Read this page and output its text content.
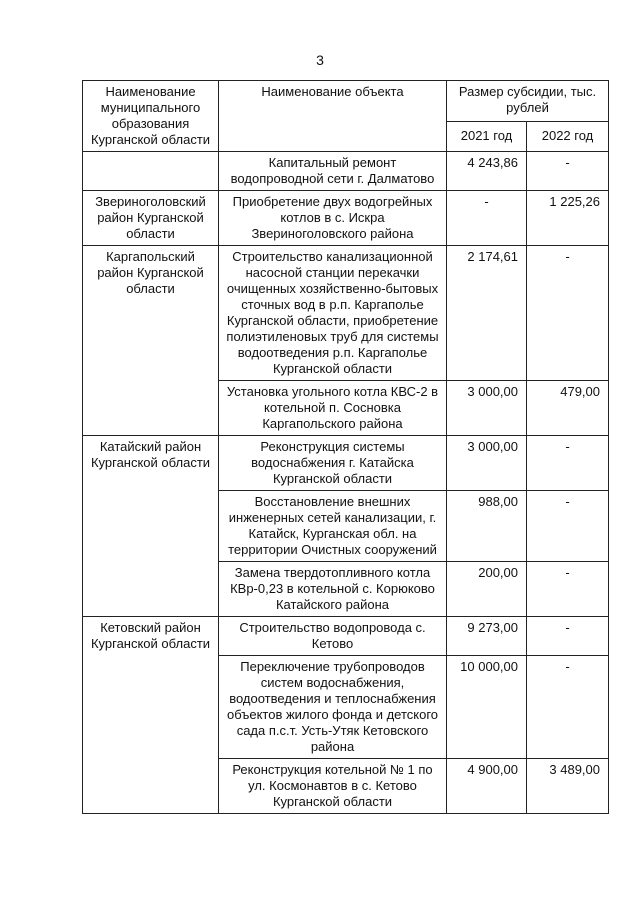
3
Наименование муниципального образования Курганской области	Наименование объекта	Размер субсидии, тыс. рублей	
		2021 год	2022 год
	Капитальный ремонт водопроводной сети г. Далматово	4 243,86	-
Звериноголовский район Курганской области	Приобретение двух водогрейных котлов в с. Искра Звериноголовского района	-	1 225,26
Каргапольский район Курганской области	Строительство канализационной насосной станции перекачки очищенных хозяйственно-бытовых сточных вод в р.п. Каргаполье Курганской области, приобретение полиэтиленовых труб для системы водоотведения р.п. Каргаполье Курганской области	2 174,61	-
	Установка угольного котла КВС-2 в котельной п. Сосновка Каргапольского района	3 000,00	479,00
Катайский район Курганской области	Реконструкция системы водоснабжения г. Катайска Курганской области	3 000,00	-
	Восстановление внешних инженерных сетей канализации, г. Катайск, Курганская обл. на территории Очистных сооружений	988,00	-
	Замена твердотопливного котла КВр-0,23 в котельной с. Корюково Катайского района	200,00	-
Кетовский район Курганской области	Строительство водопровода с. Кетово	9 273,00	-
	Переключение трубопроводов систем водоснабжения, водоотведения и теплоснабжения объектов жилого фонда и детского сада п.с.т. Усть-Утяк Кетовского района	10 000,00	-
	Реконструкция котельной № 1 по ул. Космонавтов в с. Кетово Курганской области	4 900,00	3 489,00
